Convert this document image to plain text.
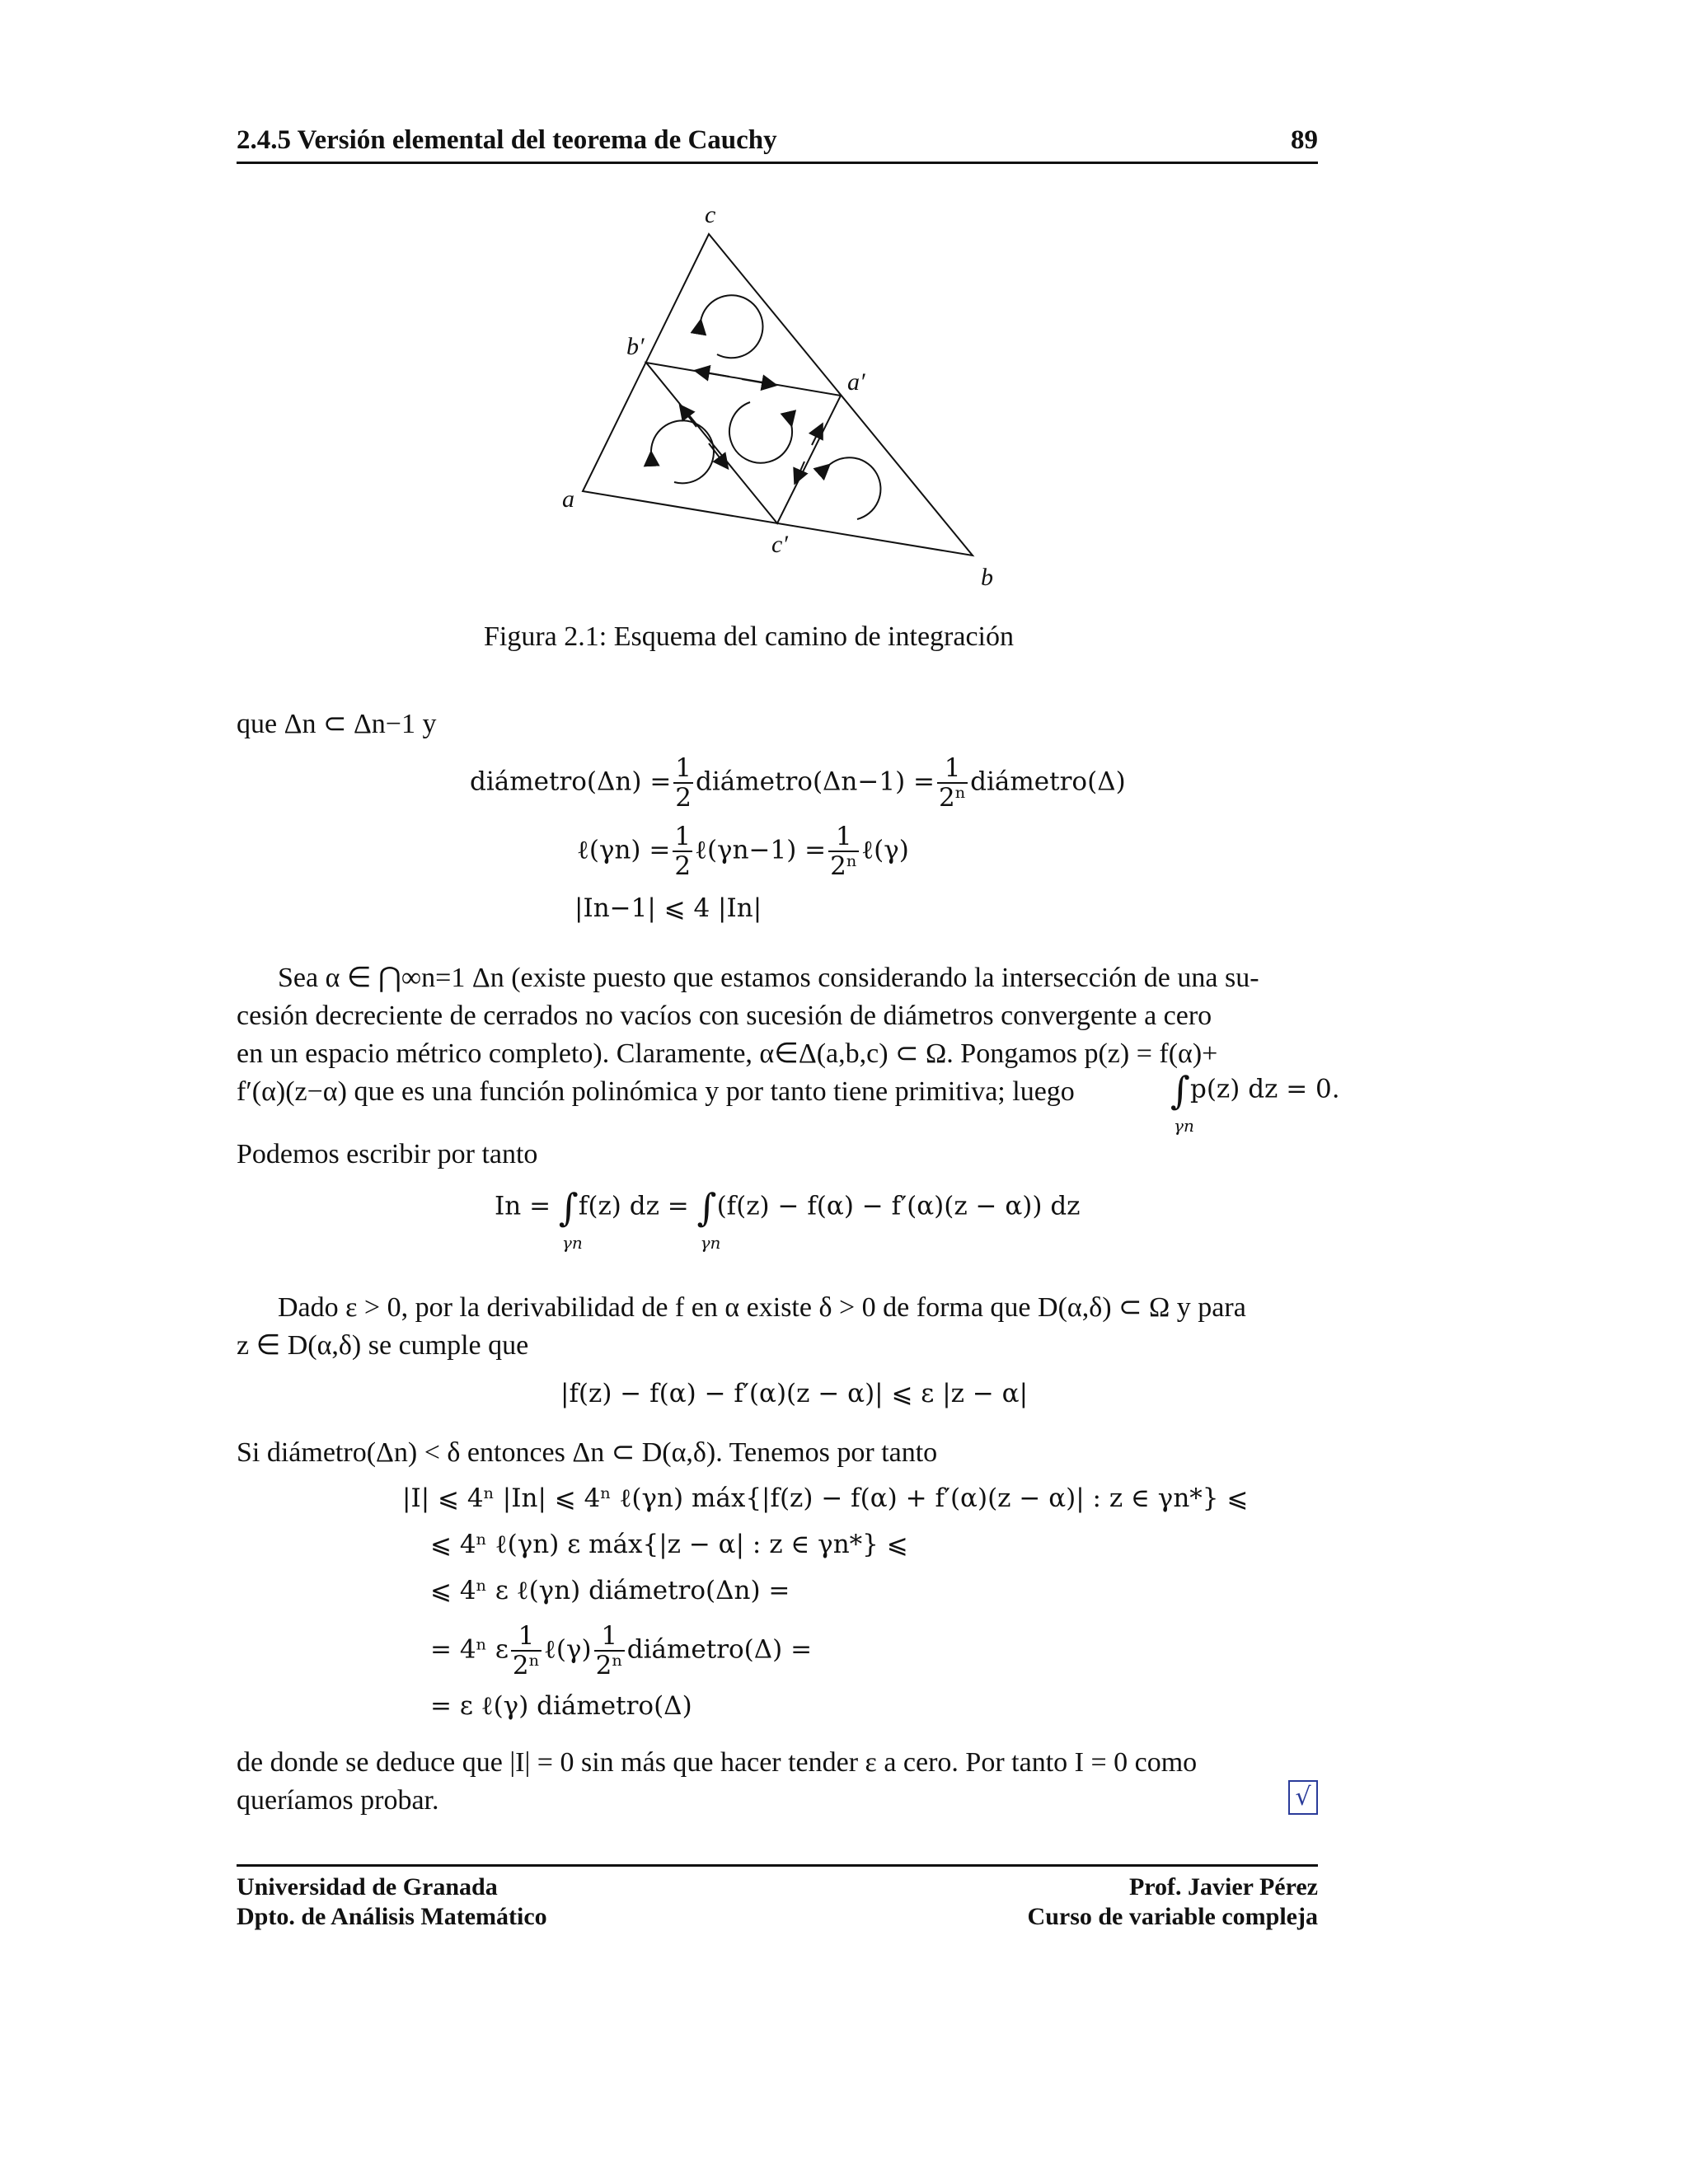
2.4.5 Versión elemental del teorema de Cauchy	89
c
b′
a′
a
c′
b
Figura 2.1: Esquema del camino de integración
que Δn ⊂ Δn−1 y
diámetro(Δn) = $\frac{1}{2}$ diámetro(Δn−1) = $\frac{1}{\text{2ⁿ}}$ diámetro(Δ)
ℓ(γn) = $\frac{1}{2}$ ℓ(γn−1) = $\frac{1}{\text{2ⁿ}}$ ℓ(γ)
|In−1| ⩽ 4 |In|
Sea α ∈ ⋂∞n=1 Δn (existe puesto que estamos considerando la intersección de una su-
cesión decreciente de cerrados no vacíos con sucesión de diámetros convergente a cero
en un espacio métrico completo). Claramente, α∈Δ(a,b,c) ⊂ Ω. Pongamos p(z) = f(α)+
f′(α)(z−α) que es una función polinómica y por tanto tiene primitiva; luego	∫
γn
p(z) dz = 0.
Podemos escribir por tanto
In = ∫
γn
f(z) dz = ∫
γn
(f(z) − f(α) − f′(α)(z − α)) dz
Dado ε > 0, por la derivabilidad de f en α existe δ > 0 de forma que D(α,δ) ⊂ Ω y para
z ∈ D(α,δ) se cumple que
|f(z) − f(α) − f′(α)(z − α)| ⩽ ε |z − α|
Si diámetro(Δn) < δ entonces Δn ⊂ D(α,δ). Tenemos por tanto
|I| ⩽ 4ⁿ |In| ⩽ 4ⁿ ℓ(γn) máx{|f(z) − f(α) + f′(α)(z − α)| : z ∈ γn*} ⩽
⩽ 4ⁿ ℓ(γn) ε máx{|z − α| : z ∈ γn*} ⩽
⩽ 4ⁿ ε ℓ(γn) diámetro(Δn) =
= 4ⁿ ε $\frac{1}{\text{2ⁿ}}$ ℓ(γ) $\frac{1}{\text{2ⁿ}}$ diámetro(Δ) =
= ε ℓ(γ) diámetro(Δ)
de donde se deduce que |I| = 0 sin más que hacer tender ε a cero. Por tanto I = 0 como
queríamos probar.	√
Universidad de Granada
Dpto. de Análisis Matemático
Prof. Javier Pérez
Curso de variable compleja
